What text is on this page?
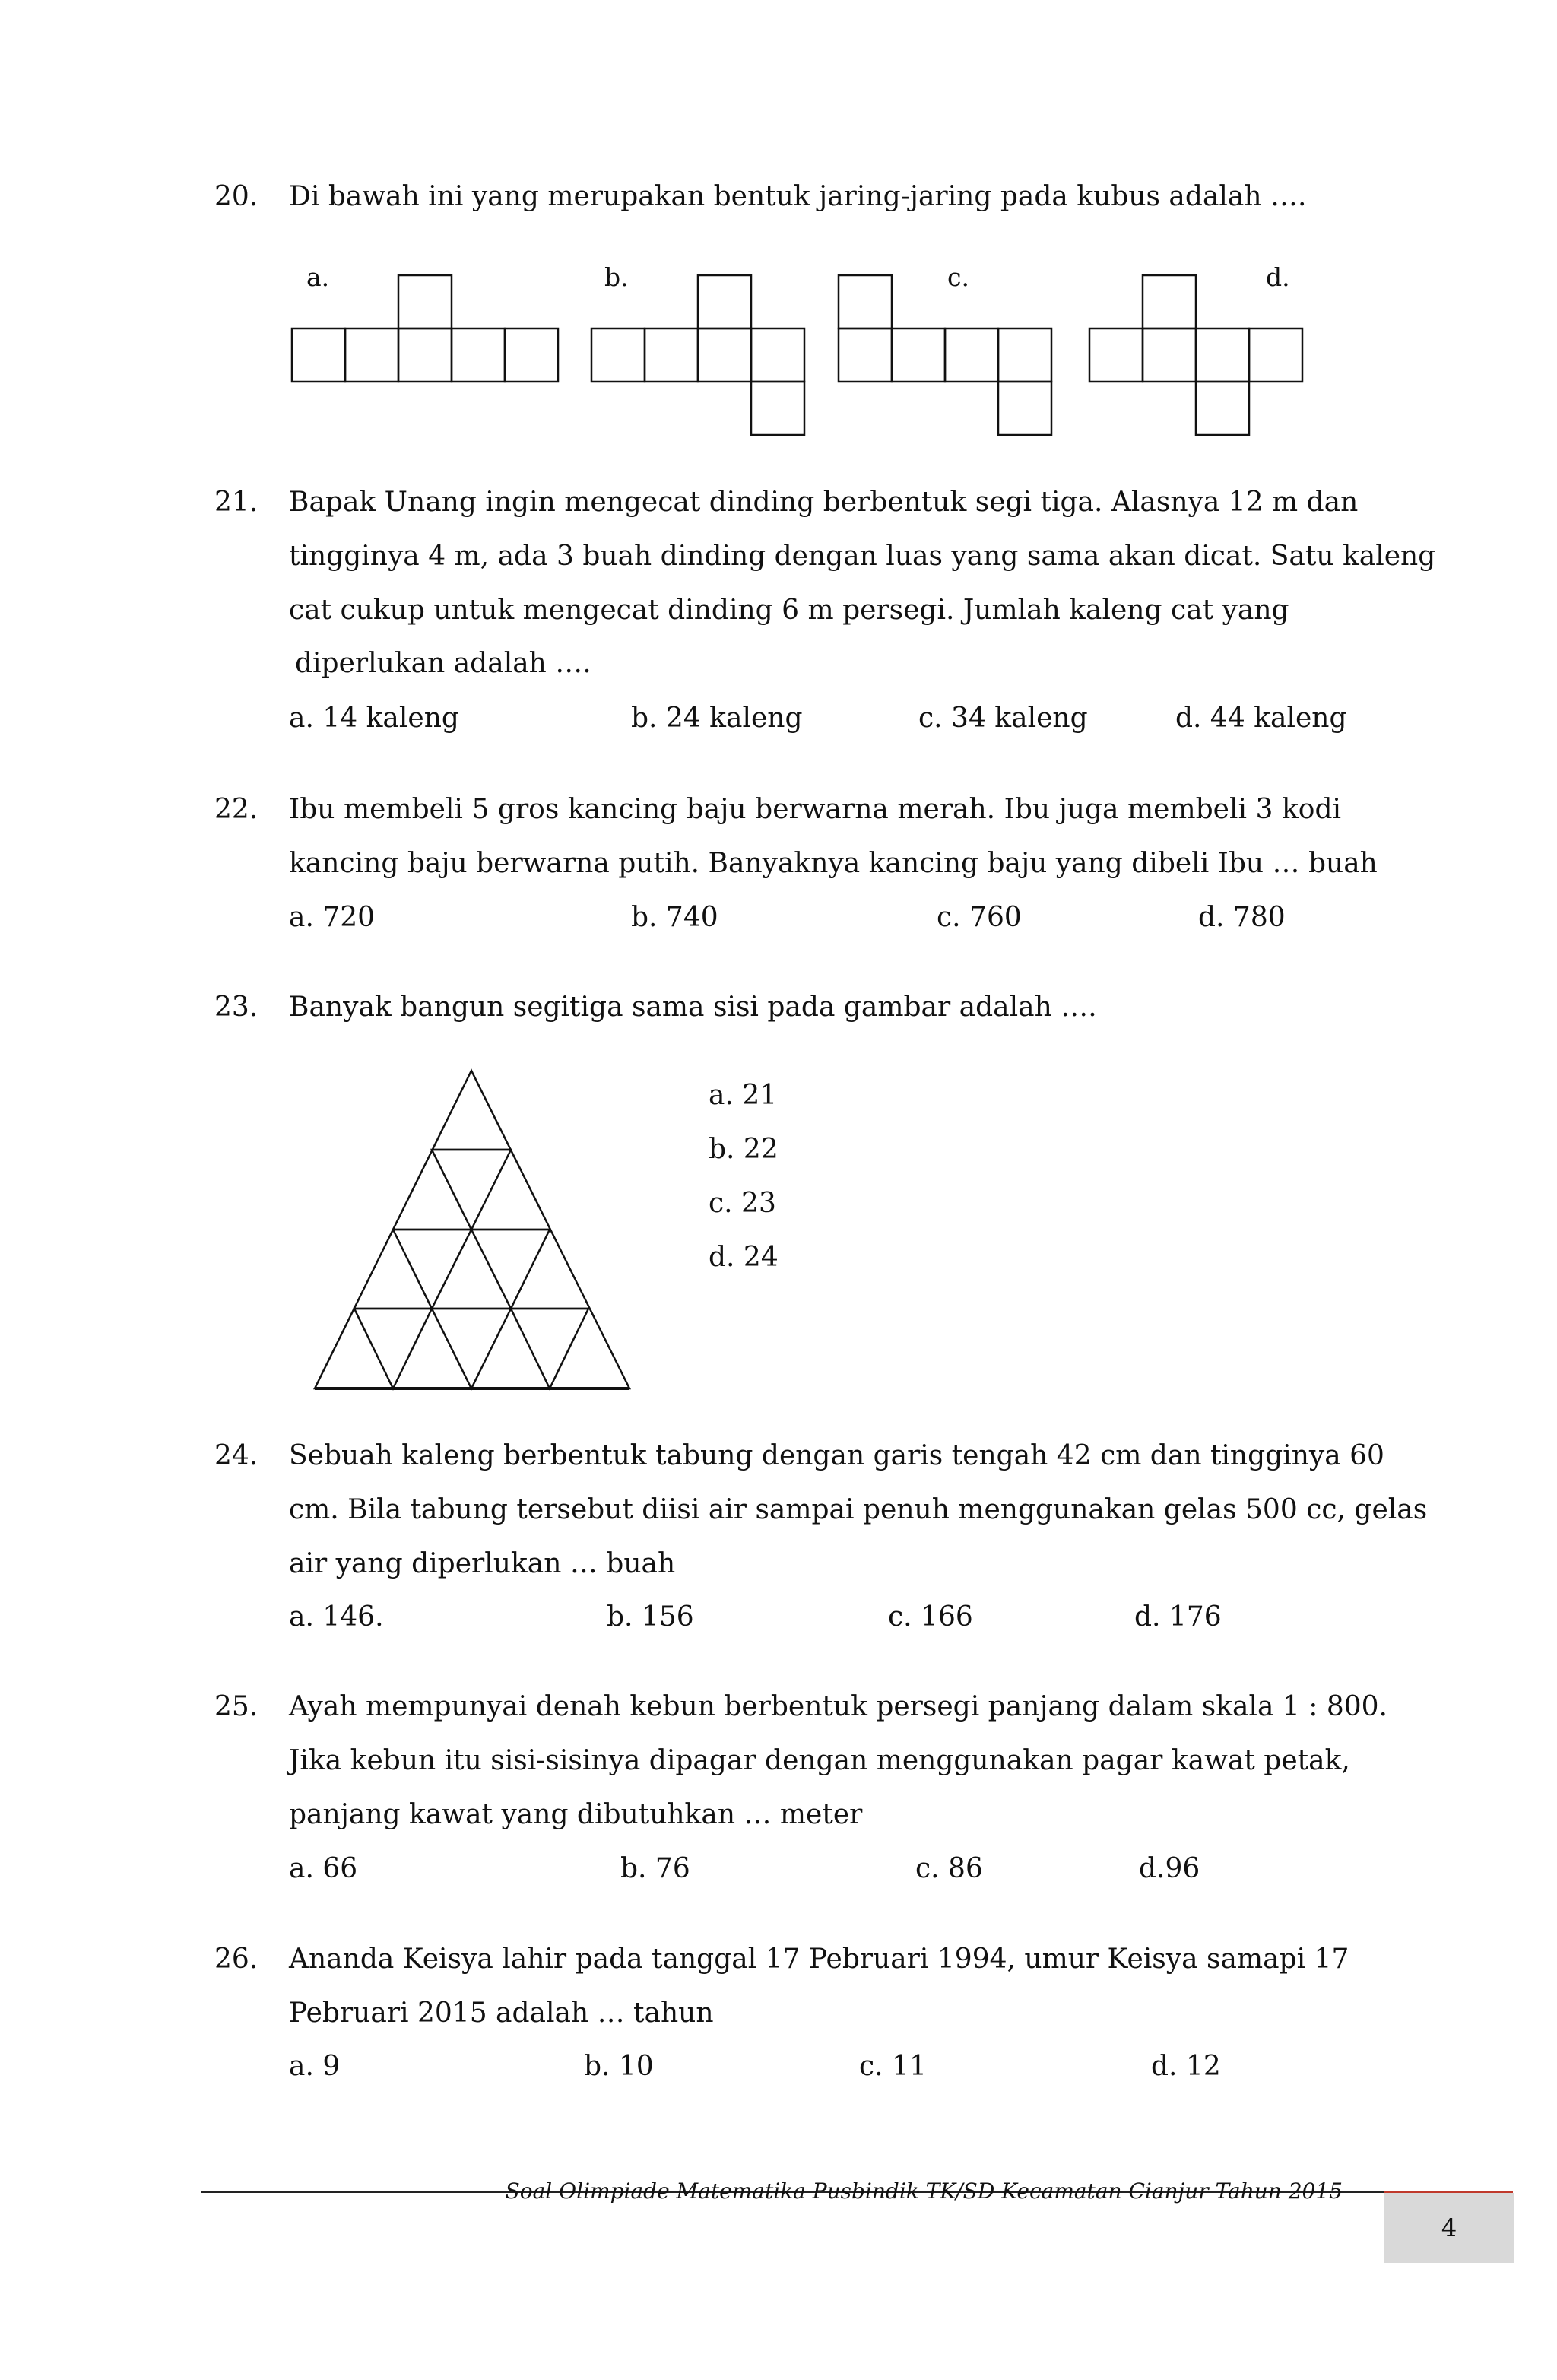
20. Di bawah ini yang merupakan bentuk jaring-jaring pada kubus adalah ….
a.	b.	c.	d.
21. Bapak Unang ingin mengecat dinding berbentuk segi tiga. Alasnya 12 m dan
tingginya 4 m, ada 3 buah dinding dengan luas yang sama akan dicat. Satu kaleng
cat cukup untuk mengecat dinding 6 m persegi. Jumlah kaleng cat yang
diperlukan adalah ….
a. 14 kaleng	b. 24 kaleng	c. 34 kaleng	d. 44 kaleng
22. Ibu membeli 5 gros kancing baju berwarna merah. Ibu juga membeli 3 kodi
kancing baju berwarna putih. Banyaknya kancing baju yang dibeli Ibu … buah
a. 720	b. 740	c. 760	d. 780
23. Banyak bangun segitiga sama sisi pada gambar adalah ….
a. 21
b. 22
c. 23
d. 24
24. Sebuah kaleng berbentuk tabung dengan garis tengah 42 cm dan tingginya 60
cm. Bila tabung tersebut diisi air sampai penuh menggunakan gelas 500 cc, gelas
air yang diperlukan … buah
a. 146.	b. 156	c. 166	d. 176
25. Ayah mempunyai denah kebun berbentuk persegi panjang dalam skala 1 : 800.
Jika kebun itu sisi-sisinya dipagar dengan menggunakan pagar kawat petak,
panjang kawat yang dibutuhkan … meter
a. 66	b. 76	c. 86	d.96
26. Ananda Keisya lahir pada tanggal 17 Pebruari 1994, umur Keisya samapi 17
Pebruari 2015 adalah … tahun
a. 9	b. 10	c. 11	d. 12
Soal Olimpiade Matematika Pusbindik TK/SD Kecamatan Cianjur Tahun 2015
4
